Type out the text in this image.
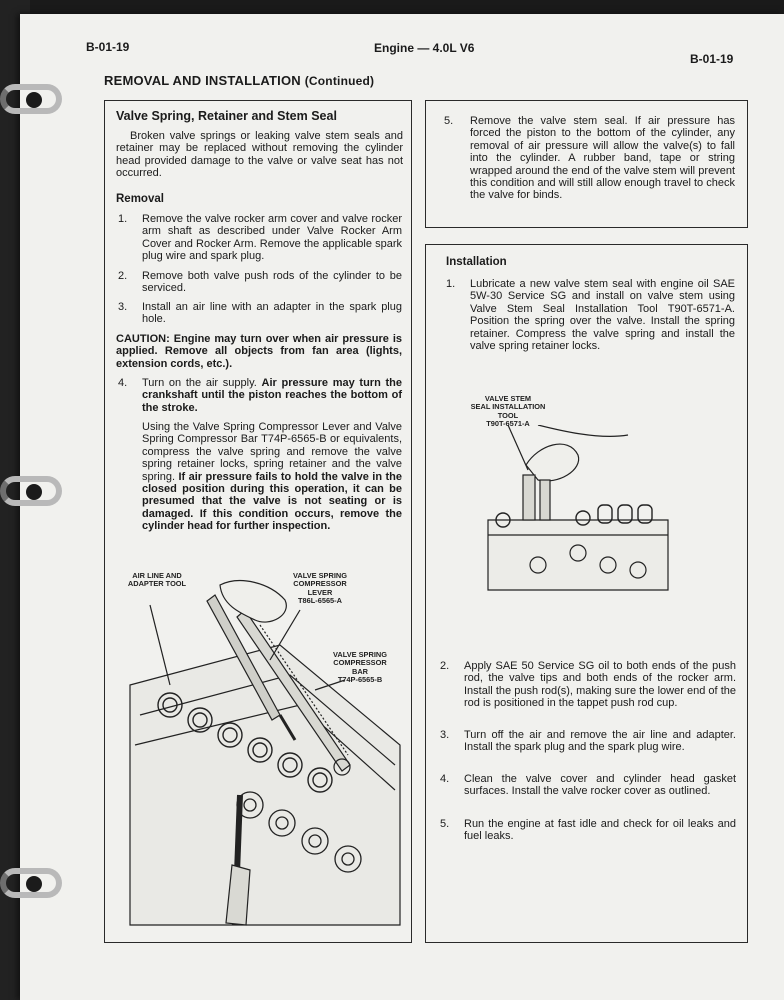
B-01-19	Engine — 4.0L V6
B-01-19
REMOVAL AND INSTALLATION (Continued)
Valve Spring, Retainer and Stem Seal
Broken valve springs or leaking valve stem seals and retainer may be replaced without removing the cylinder head provided damage to the valve or valve seat has not occurred.
Removal
1. Remove the valve rocker arm cover and valve rocker arm shaft as described under Valve Rocker Arm Cover and Rocker Arm. Remove the applicable spark plug wire and spark plug.
2. Remove both valve push rods of the cylinder to be serviced.
3. Install an air line with an adapter in the spark plug hole.
CAUTION: Engine may turn over when air pressure is applied. Remove all objects from fan area (lights, extension cords, etc.).
4. Turn on the air supply. Air pressure may turn the crankshaft until the piston reaches the bottom of the stroke.
Using the Valve Spring Compressor Lever and Valve Spring Compressor Bar T74P-6565-B or equivalents, compress the valve spring and remove the valve spring retainer locks, spring retainer and the valve spring. If air pressure fails to hold the valve in the closed position during this operation, it can be presumed that the valve is not seating or is damaged. If this condition occurs, remove the cylinder head for further inspection.
AIR LINE AND
ADAPTER TOOL
VALVE SPRING
COMPRESSOR
LEVER
T86L-6565-A
VALVE SPRING
COMPRESSOR
BAR
T74P-6565-B
5. Remove the valve stem seal. If air pressure has forced the piston to the bottom of the cylinder, any removal of air pressure will allow the valve(s) to fall into the cylinder. A rubber band, tape or string wrapped around the end of the valve stem will prevent this condition and will still allow enough travel to check the valve for binds.
Installation
1. Lubricate a new valve stem seal with engine oil SAE 5W-30 Service SG and install on valve stem using Valve Stem Seal Installation Tool T90T-6571-A. Position the spring over the valve. Install the spring retainer. Compress the valve spring and install the valve spring retainer locks.
VALVE STEM
SEAL INSTALLATION
TOOL
T90T-6571-A
2. Apply SAE 50 Service SG oil to both ends of the push rod, the valve tips and both ends of the rocker arm. Install the push rod(s), making sure the lower end of the rod is positioned in the tappet push rod cup.
3. Turn off the air and remove the air line and adapter. Install the spark plug and the spark plug wire.
4. Clean the valve cover and cylinder head gasket surfaces. Install the valve rocker cover as outlined.
5. Run the engine at fast idle and check for oil leaks and fuel leaks.
